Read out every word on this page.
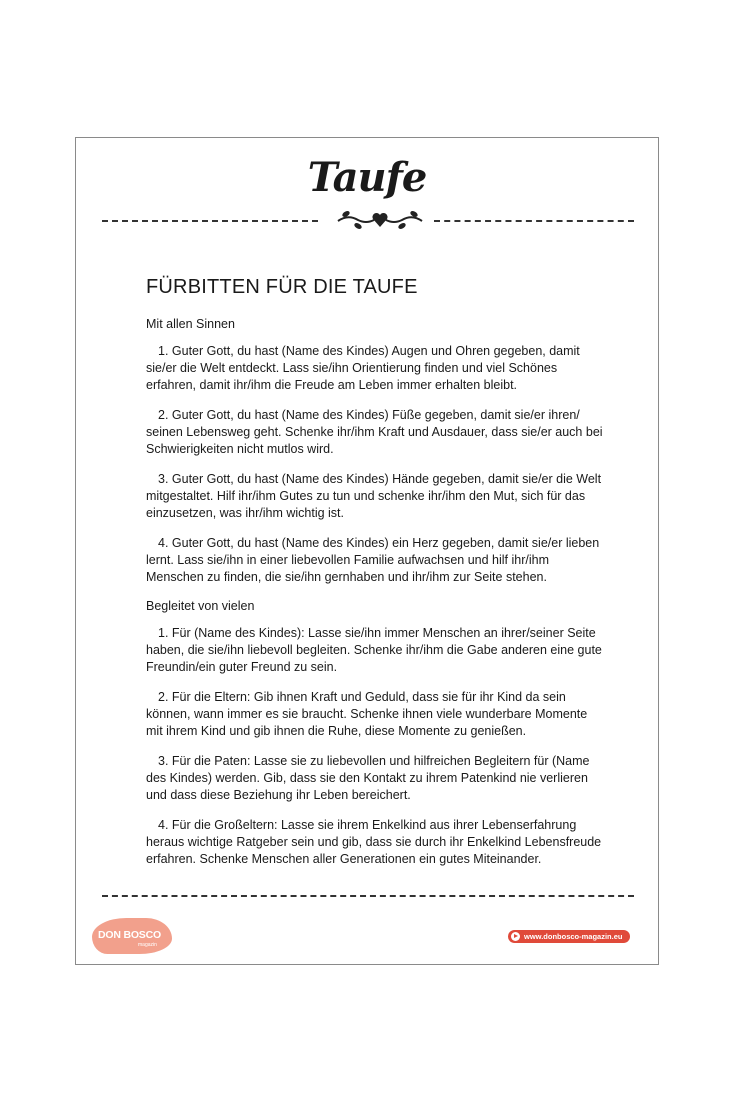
Taufe
FÜRBITTEN FÜR DIE TAUFE
Mit allen Sinnen

1. Guter Gott, du hast (Name des Kindes) Augen und Ohren gegeben, damit sie/er die Welt entdeckt. Lass sie/ihn Orientierung finden und viel Schönes erfahren, damit ihr/ihm die Freude am Leben immer erhalten bleibt.

2. Guter Gott, du hast (Name des Kindes) Füße gegeben, damit sie/er ihren/ seinen Lebensweg geht. Schenke ihr/ihm Kraft und Ausdauer, dass sie/er auch bei Schwierigkeiten nicht mutlos wird.

3. Guter Gott, du hast (Name des Kindes) Hände gegeben, damit sie/er die Welt mitgestaltet. Hilf ihr/ihm Gutes zu tun und schenke ihr/ihm den Mut, sich für das einzusetzen, was ihr/ihm wichtig ist.

4. Guter Gott, du hast (Name des Kindes) ein Herz gegeben, damit sie/er lieben lernt. Lass sie/ihn in einer liebevollen Familie aufwachsen und hilf ihr/ihm Menschen zu finden, die sie/ihn gernhaben und ihr/ihm zur Seite stehen.

Begleitet von vielen

1. Für (Name des Kindes): Lasse sie/ihn immer Menschen an ihrer/seiner Seite haben, die sie/ihn liebevoll begleiten. Schenke ihr/ihm die Gabe anderen eine gute Freundin/ein guter Freund zu sein.

2. Für die Eltern: Gib ihnen Kraft und Geduld, dass sie für ihr Kind da sein können, wann immer es sie braucht. Schenke ihnen viele wunderbare Momente mit ihrem Kind und gib ihnen die Ruhe, diese Momente zu genießen.

3. Für die Paten: Lasse sie zu liebevollen und hilfreichen Begleitern für (Name des Kindes) werden. Gib, dass sie den Kontakt zu ihrem Patenkind nie verlieren und dass diese Beziehung ihr Leben bereichert.

4. Für die Großeltern: Lasse sie ihrem Enkelkind aus ihrer Lebenserfahrung heraus wichtige Ratgeber sein und gib, dass sie durch ihr Enkelkind Lebensfreude erfahren. Schenke Menschen aller Generationen ein gutes Miteinander.

DON BOSCO
magazin
www.donbosco-magazin.eu
